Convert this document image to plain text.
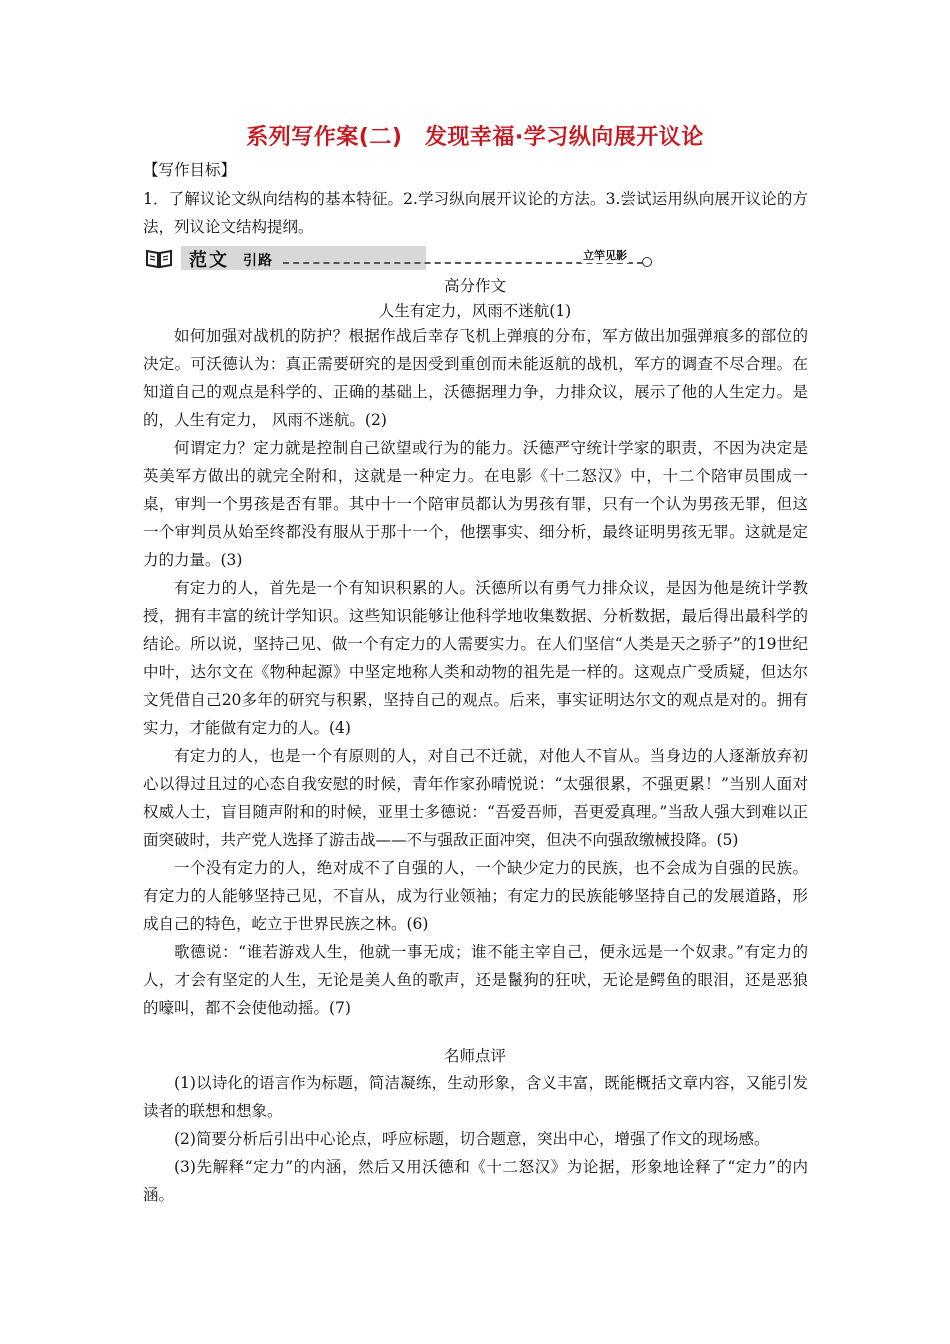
系列写作案(二)　发现幸福·学习纵向展开议论
【写作目标】
1．了解议论文纵向结构的基本特征。2.学习纵向展开议论的方法。3.尝试运用纵向展开议论的方法，列议论文结构提纲。
范文 引路	立竿见影
高分作文
人生有定力，风雨不迷航(1)

如何加强对战机的防护？根据作战后幸存飞机上弹痕的分布，军方做出加强弹痕多的部位的决定。可沃德认为：真正需要研究的是因受到重创而未能返航的战机，军方的调查不尽合理。在知道自己的观点是科学的、正确的基础上，沃德据理力争，力排众议，展示了他的人生定力。是的，人生有定力， 风雨不迷航。(2)

何谓定力？定力就是控制自己欲望或行为的能力。沃德严守统计学家的职责，不因为决定是英美军方做出的就完全附和，这就是一种定力。在电影《十二怒汉》中，十二个陪审员围成一桌，审判一个男孩是否有罪。其中十一个陪审员都认为男孩有罪，只有一个认为男孩无罪，但这一个审判员从始至终都没有服从于那十一个，他摆事实、细分析，最终证明男孩无罪。这就是定力的力量。(3)

有定力的人，首先是一个有知识积累的人。沃德所以有勇气力排众议，是因为他是统计学教授，拥有丰富的统计学知识。这些知识能够让他科学地收集数据、分析数据，最后得出最科学的结论。所以说，坚持己见、做一个有定力的人需要实力。在人们坚信“人类是天之骄子”的19世纪中叶，达尔文在《物种起源》中坚定地称人类和动物的祖先是一样的。这观点广受质疑，但达尔文凭借自己20多年的研究与积累，坚持自己的观点。后来，事实证明达尔文的观点是对的。拥有实力，才能做有定力的人。(4)

有定力的人，也是一个有原则的人，对自己不迁就，对他人不盲从。当身边的人逐渐放弃初心以得过且过的心态自我安慰的时候，青年作家孙晴悦说：“太强很累，不强更累！”当别人面对权威人士，盲目随声附和的时候，亚里士多德说：“吾爱吾师，吾更爱真理。”当敌人强大到难以正面突破时，共产党人选择了游击战——不与强敌正面冲突，但决不向强敌缴械投降。(5)

一个没有定力的人，绝对成不了自强的人，一个缺少定力的民族，也不会成为自强的民族。有定力的人能够坚持己见，不盲从，成为行业领袖；有定力的民族能够坚持自己的发展道路，形成自己的特色，屹立于世界民族之林。(6)

歌德说：“谁若游戏人生，他就一事无成；谁不能主宰自己，便永远是一个奴隶。”有定力的人，才会有坚定的人生，无论是美人鱼的歌声，还是鬣狗的狂吠，无论是鳄鱼的眼泪，还是恶狼的嚎叫，都不会使他动摇。(7)

名师点评

(1)以诗化的语言作为标题，简洁凝练，生动形象，含义丰富，既能概括文章内容，又能引发读者的联想和想象。

(2)简要分析后引出中心论点，呼应标题，切合题意，突出中心，增强了作文的现场感。

(3)先解释“定力”的内涵，然后又用沃德和《十二怒汉》为论据，形象地诠释了“定力”的内涵。
